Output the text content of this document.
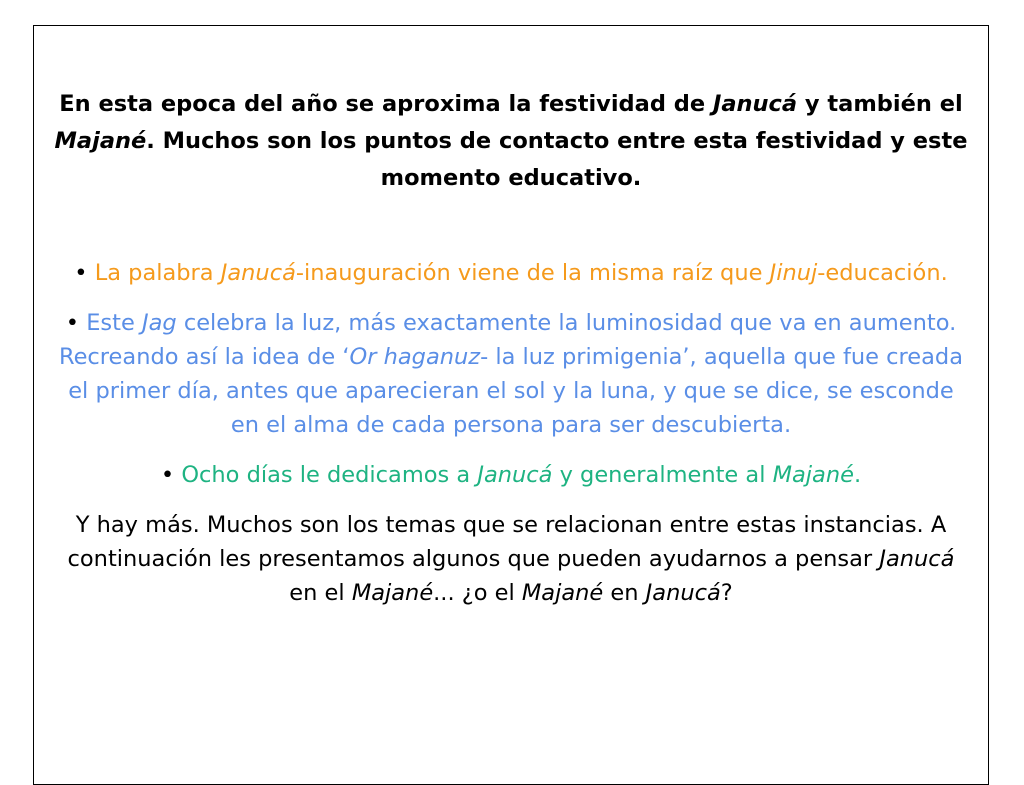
En esta epoca del año se aproxima la festividad de Janucá y también el Majané. Muchos son los puntos de contacto entre esta festividad y este momento educativo.

• La palabra Janucá-inauguración viene de la misma raíz que Jinuj-educación.

• Este Jag celebra la luz, más exactamente la luminosidad que va en aumento. Recreando así la idea de ‘Or haganuz- la luz primigenia’, aquella que fue creada el primer día, antes que aparecieran el sol y la luna, y que se dice, se esconde en el alma de cada persona para ser descubierta.

• Ocho días le dedicamos a Janucá y generalmente al Majané.

Y hay más. Muchos son los temas que se relacionan entre estas instancias. A continuación les presentamos algunos que pueden ayudarnos a pensar Janucá en el Majané... ¿o el Majané en Janucá?
